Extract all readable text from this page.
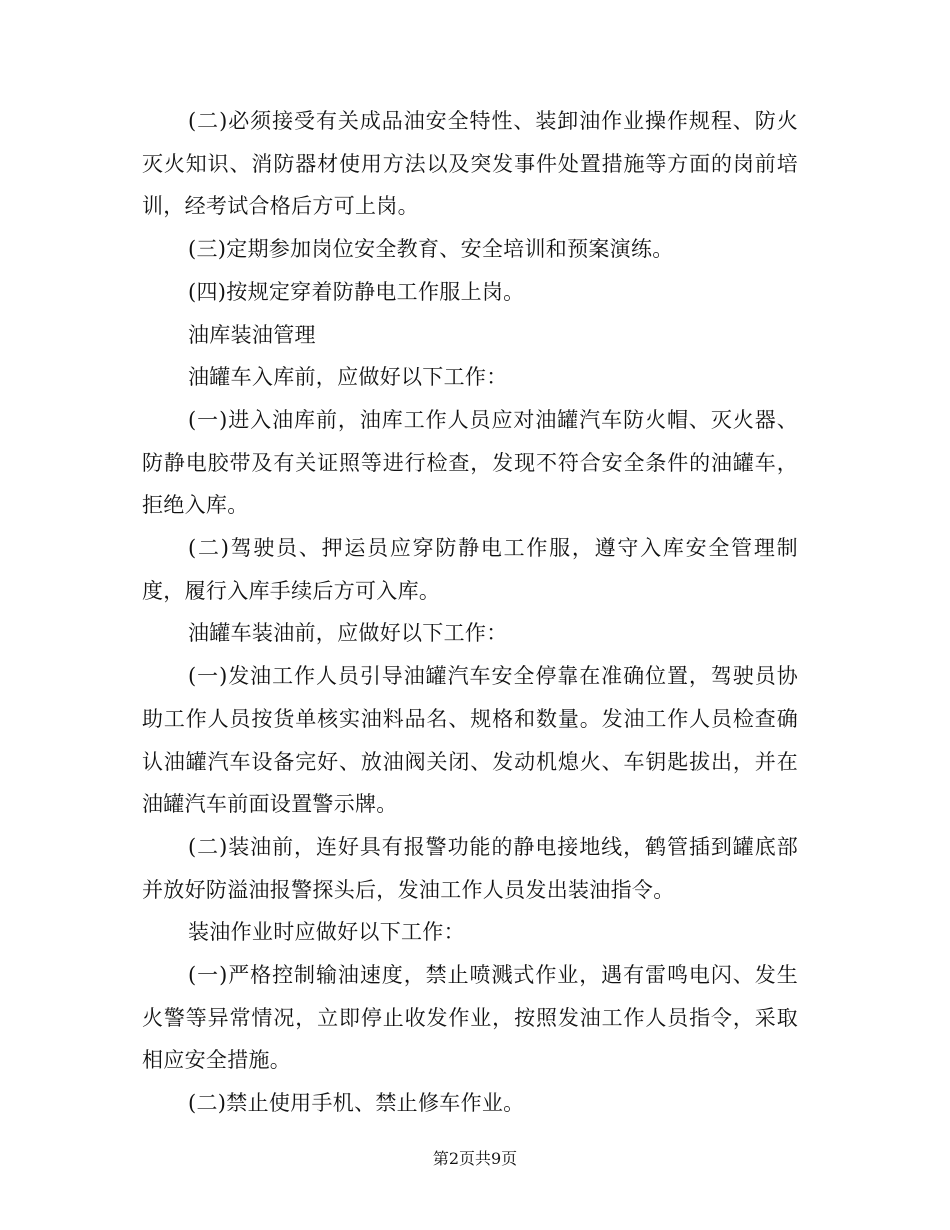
(二)必须接受有关成品油安全特性、装卸油作业操作规程、防火灭火知识、消防器材使用方法以及突发事件处置措施等方面的岗前培训，经考试合格后方可上岗。

(三)定期参加岗位安全教育、安全培训和预案演练。

(四)按规定穿着防静电工作服上岗。

油库装油管理

油罐车入库前，应做好以下工作：

(一)进入油库前，油库工作人员应对油罐汽车防火帽、灭火器、防静电胶带及有关证照等进行检查，发现不符合安全条件的油罐车，拒绝入库。

(二)驾驶员、押运员应穿防静电工作服，遵守入库安全管理制度，履行入库手续后方可入库。

油罐车装油前，应做好以下工作：

(一)发油工作人员引导油罐汽车安全停靠在准确位置，驾驶员协助工作人员按货单核实油料品名、规格和数量。发油工作人员检查确认油罐汽车设备完好、放油阀关闭、发动机熄火、车钥匙拔出，并在油罐汽车前面设置警示牌。

(二)装油前，连好具有报警功能的静电接地线，鹤管插到罐底部并放好防溢油报警探头后，发油工作人员发出装油指令。

装油作业时应做好以下工作：

(一)严格控制输油速度，禁止喷溅式作业，遇有雷鸣电闪、发生火警等异常情况，立即停止收发作业，按照发油工作人员指令，采取相应安全措施。

(二)禁止使用手机、禁止修车作业。

第2页共9页
